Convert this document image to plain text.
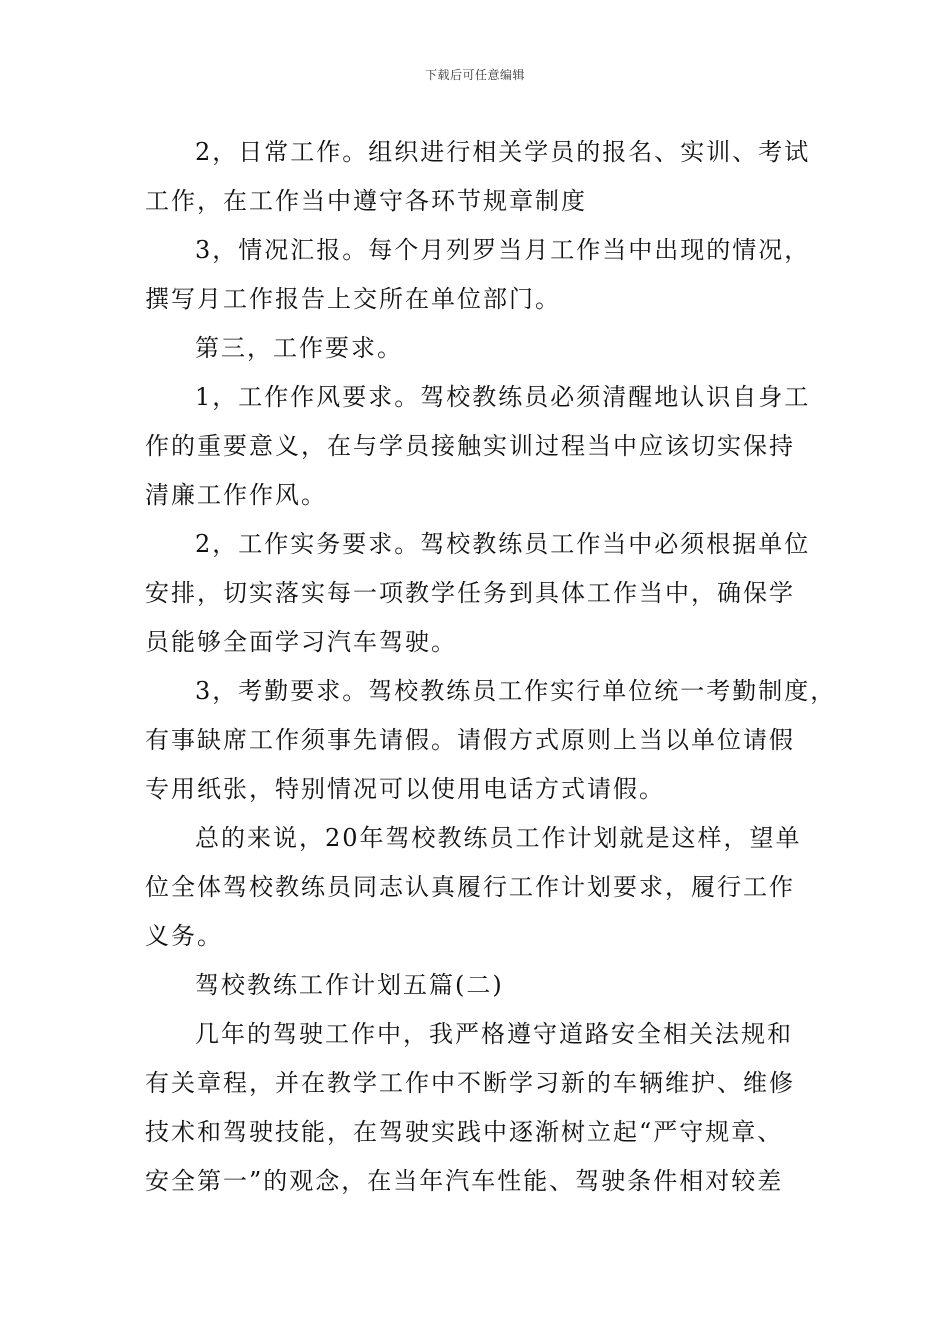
下载后可任意编辑
2，日常工作。组织进行相关学员的报名、实训、考试
工作，在工作当中遵守各环节规章制度
3，情况汇报。每个月列罗当月工作当中出现的情况，
撰写月工作报告上交所在单位部门。
第三，工作要求。
1，工作作风要求。驾校教练员必须清醒地认识自身工
作的重要意义，在与学员接触实训过程当中应该切实保持
清廉工作作风。
2，工作实务要求。驾校教练员工作当中必须根据单位
安排，切实落实每一项教学任务到具体工作当中，确保学
员能够全面学习汽车驾驶。
3，考勤要求。驾校教练员工作实行单位统一考勤制度，
有事缺席工作须事先请假。请假方式原则上当以单位请假
专用纸张，特别情况可以使用电话方式请假。
总的来说，20年驾校教练员工作计划就是这样，望单
位全体驾校教练员同志认真履行工作计划要求，履行工作
义务。
驾校教练工作计划五篇(二)
几年的驾驶工作中，我严格遵守道路安全相关法规和
有关章程，并在教学工作中不断学习新的车辆维护、维修
技术和驾驶技能，在驾驶实践中逐渐树立起“严守规章、
安全第一”的观念，在当年汽车性能、驾驶条件相对较差
